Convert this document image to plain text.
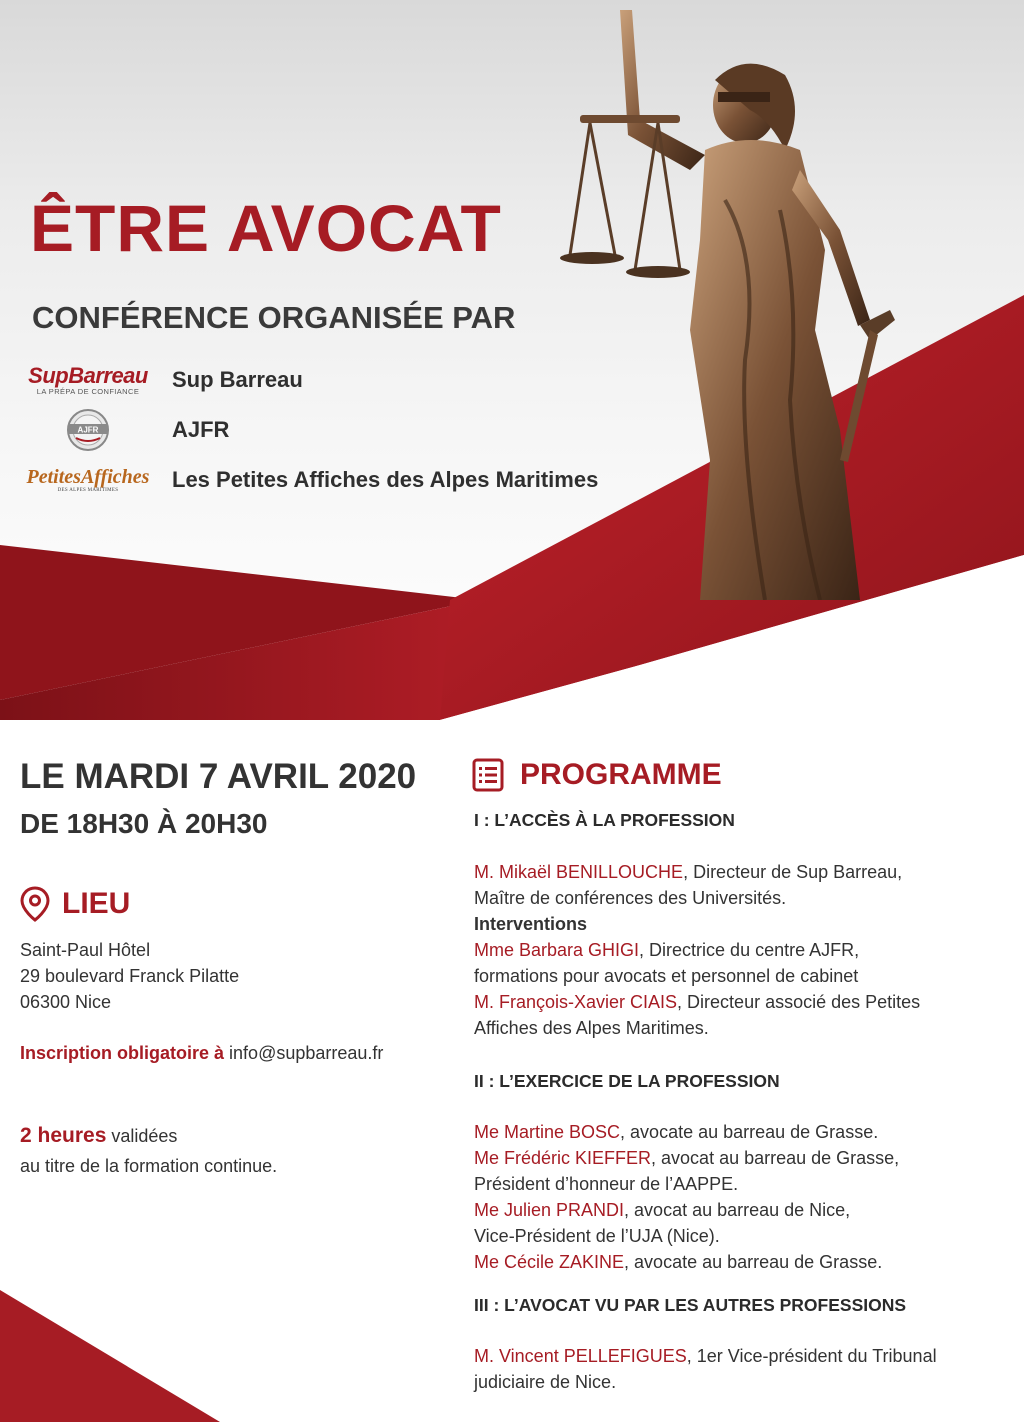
ÊTRE AVOCAT
CONFÉRENCE ORGANISÉE PAR
SupBarreau
LA PRÉPA DE CONFIANCE	Sup Barreau
AJFR	AJFR
PetitesAffiches
DES ALPES MARITIMES	Les Petites Affiches des Alpes Maritimes
LE MARDI 7 AVRIL 2020
DE 18H30 À 20H30
LIEU
Saint-Paul Hôtel
29 boulevard Franck Pilatte
06300 Nice
Inscription obligatoire à info@supbarreau.fr
2 heures validées
au titre de la formation continue.
PROGRAMME
I : L’ACCÈS À LA PROFESSION
M. Mikaël BENILLOUCHE, Directeur de Sup Barreau,
Maître de conférences des Universités.
Interventions
Mme Barbara GHIGI, Directrice du centre AJFR,
formations pour avocats et personnel de cabinet
M. François-Xavier CIAIS, Directeur associé des Petites
Affiches des Alpes Maritimes.
II : L’EXERCICE DE LA PROFESSION
Me Martine BOSC, avocate au barreau de Grasse.
Me Frédéric KIEFFER, avocat au barreau de Grasse,
Président d’honneur de l’AAPPE.
Me Julien PRANDI, avocat au barreau de Nice,
Vice-Président de l’UJA (Nice).
Me Cécile ZAKINE, avocate au barreau de Grasse.
III : L’AVOCAT VU PAR LES AUTRES PROFESSIONS
M. Vincent PELLEFIGUES, 1er Vice-président du Tribunal
judiciaire de Nice.
